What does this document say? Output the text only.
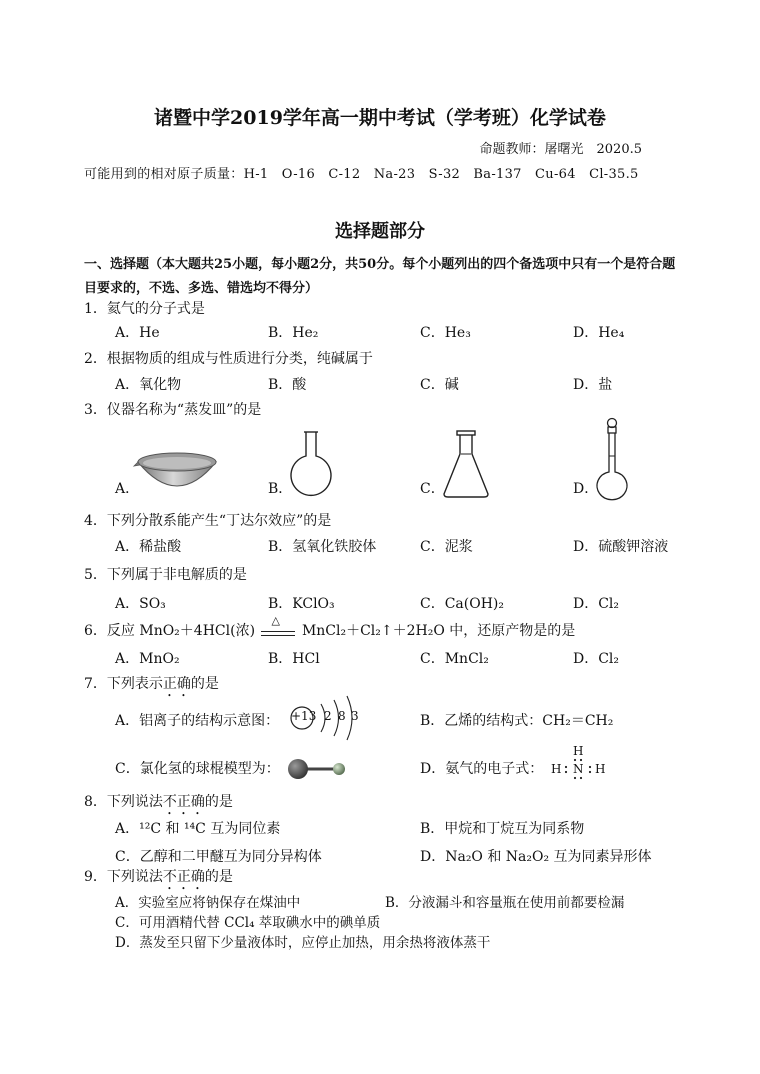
诸暨中学2019学年高一期中考试（学考班）化学试卷
命题教师：屠曙光　2020.5
可能用到的相对原子质量：H-1　O-16　C-12　Na-23　S-32　Ba-137　Cu-64　Cl-35.5
选择题部分
一、选择题（本大题共25小题，每小题2分，共50分。每个小题列出的四个备选项中只有一个是符合题目要求的，不选、多选、错选均不得分）
1．氦气的分子式是
A．He	B．He₂	C．He₃	D．He₄
2．根据物质的组成与性质进行分类，纯碱属于
A．氧化物	B．酸	C．碱	D．盐
3．仪器名称为“蒸发皿”的是
A．	B．	C．	D．
4．下列分散系能产生“丁达尔效应”的是
A．稀盐酸	B．氢氧化铁胶体	C．泥浆	D．硫酸钾溶液
5．下列属于非电解质的是
A．SO₃	B．KClO₃	C．Ca(OH)₂	D．Cl₂
6．反应 MnO₂＋4HCl(浓)
△
MnCl₂＋Cl₂↑＋2H₂O 中，还原产物是的是
A．MnO₂	B．HCl	C．MnCl₂	D．Cl₂
7．下列表示正确的是
A．铝离子的结构示意图：	B．乙烯的结构式：CH₂＝CH₂
C．氯化氢的球棍模型为：	D．氨气的电子式：
+13 2 8 3
H
H N H
8．下列说法不正确的是
A．¹²C 和 ¹⁴C 互为同位素	B．甲烷和丁烷互为同系物
C．乙醇和二甲醚互为同分异构体	D．Na₂O 和 Na₂O₂ 互为同素异形体
9．下列说法不正确的是
A．实验室应将钠保存在煤油中	B．分液漏斗和容量瓶在使用前都要检漏
C．可用酒精代替 CCl₄ 萃取碘水中的碘单质
D．蒸发至只留下少量液体时，应停止加热，用余热将液体蒸干
